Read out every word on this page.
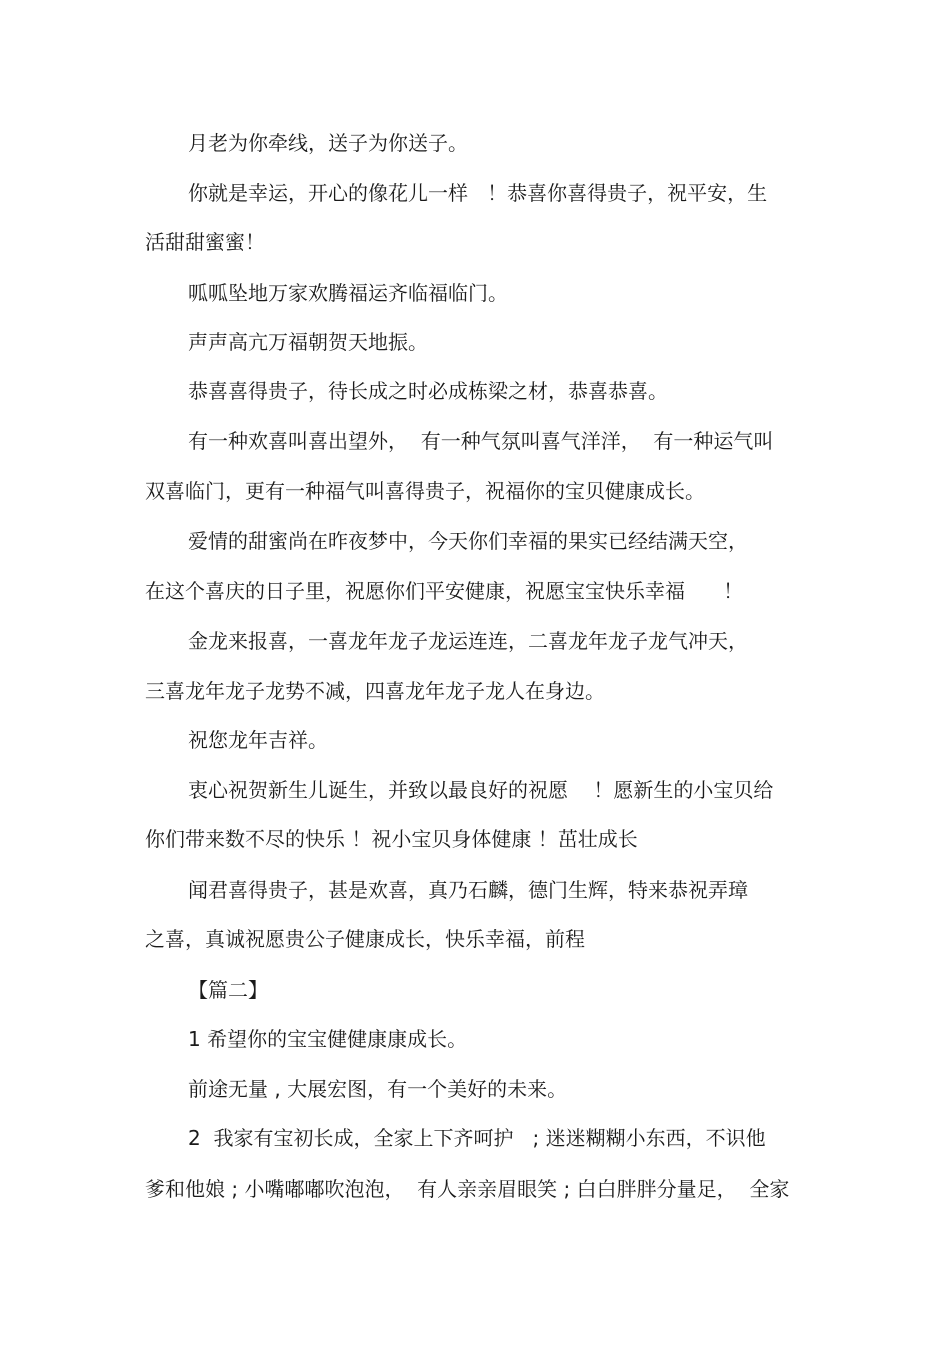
月老为你牵线，送子为你送子。
你就是幸运，开心的像花儿一样   ！恭喜你喜得贵子，祝平安，生
活甜甜蜜蜜！
呱呱坠地万家欢腾福运齐临福临门。
声声高亢万福朝贺天地振。
恭喜喜得贵子，待长成之时必成栋梁之材，恭喜恭喜。
有一种欢喜叫喜出望外，  有一种气氛叫喜气洋洋，  有一种运气叫
双喜临门，更有一种福气叫喜得贵子，祝福你的宝贝健康成长。
爱情的甜蜜尚在昨夜梦中，今天你们幸福的果实已经结满天空，
在这个喜庆的日子里，祝愿你们平安健康，祝愿宝宝快乐幸福      ！
金龙来报喜，一喜龙年龙子龙运连连，二喜龙年龙子龙气冲天，
三喜龙年龙子龙势不减，四喜龙年龙子龙人在身边。
祝您龙年吉祥。
衷心祝贺新生儿诞生，并致以最良好的祝愿    ！愿新生的小宝贝给
你们带来数不尽的快乐 ！祝小宝贝身体健康 ！茁壮成长
闻君喜得贵子，甚是欢喜，真乃石麟，德门生辉，特来恭祝弄璋
之喜，真诚祝愿贵公子健康成长，快乐幸福，前程
【篇二】
1 希望你的宝宝健健康康成长。
前途无量 , 大展宏图，有一个美好的未来。
2  我家有宝初长成，全家上下齐呵护   ; 迷迷糊糊小东西，不识他
爹和他娘 ; 小嘴嘟嘟吹泡泡，  有人亲亲眉眼笑 ; 白白胖胖分量足，  全家
